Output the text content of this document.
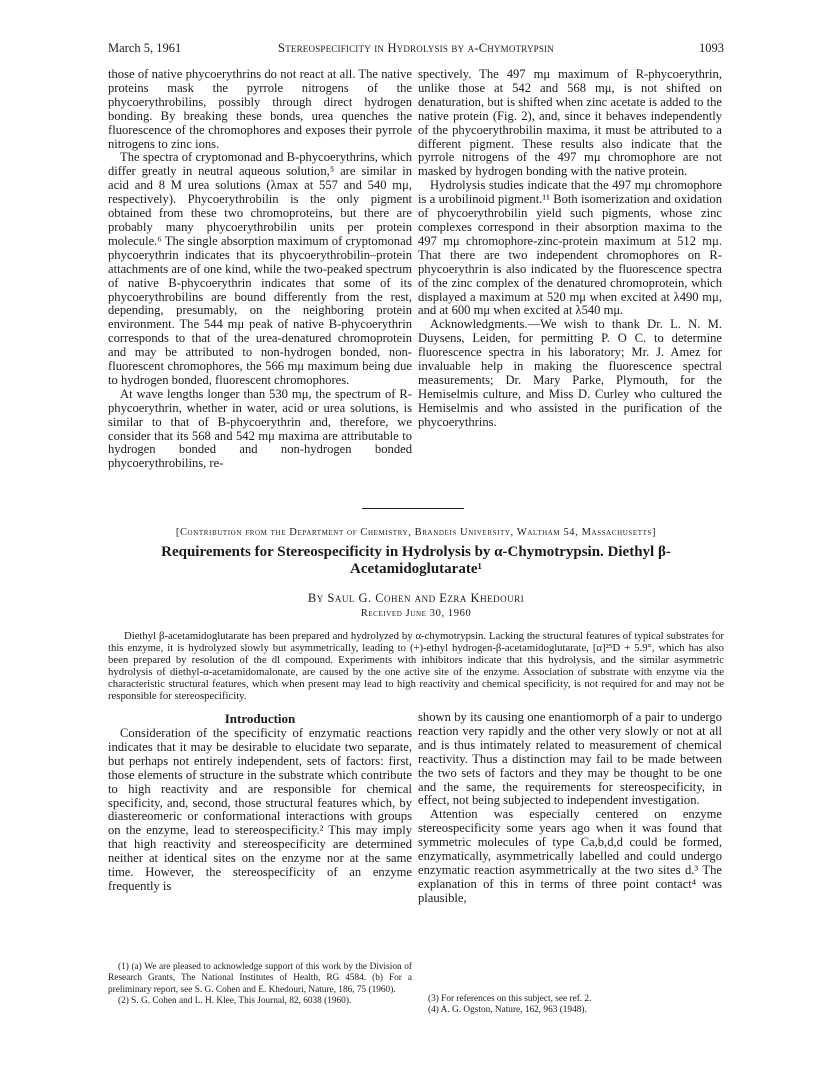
March 5, 1961	Stereospecificity in Hydrolysis by α-Chymotrypsin	1093

those of native phycoerythrins do not react at all. The native proteins mask the pyrrole nitrogens of the phycoerythrobilins, possibly through direct hydrogen bonding. By breaking these bonds, urea quenches the fluorescence of the chromophores and exposes their pyrrole nitrogens to zinc ions.

The spectra of cryptomonad and B-phycoerythrins, which differ greatly in neutral aqueous solution,⁵ are similar in acid and 8 M urea solutions (λmax at 557 and 540 mμ, respectively). Phycoerythrobilin is the only pigment obtained from these two chromoproteins, but there are probably many phycoerythrobilin units per protein molecule.⁶ The single absorption maximum of cryptomonad phycoerythrin indicates that its phycoerythrobilin–protein attachments are of one kind, while the two-peaked spectrum of native B-phycoerythrin indicates that some of its phycoerythrobilins are bound differently from the rest, depending, presumably, on the neighboring protein environment. The 544 mμ peak of native B-phycoerythrin corresponds to that of the urea-denatured chromoprotein and may be attributed to non-hydrogen bonded, non-fluorescent chromophores, the 566 mμ maximum being due to hydrogen bonded, fluorescent chromophores.

At wave lengths longer than 530 mμ, the spectrum of R-phycoerythrin, whether in water, acid or urea solutions, is similar to that of B-phycoerythrin and, therefore, we consider that its 568 and 542 mμ maxima are attributable to hydrogen bonded and non-hydrogen bonded phycoerythrobilins, re-

spectively. The 497 mμ maximum of R-phycoerythrin, unlike those at 542 and 568 mμ, is not shifted on denaturation, but is shifted when zinc acetate is added to the native protein (Fig. 2), and, since it behaves independently of the phycoerythrobilin maxima, it must be attributed to a different pigment. These results also indicate that the pyrrole nitrogens of the 497 mμ chromophore are not masked by hydrogen bonding with the native protein.

Hydrolysis studies indicate that the 497 mμ chromophore is a urobilinoid pigment.¹¹ Both isomerization and oxidation of phycoerythrobilin yield such pigments, whose zinc complexes correspond in their absorption maxima to the 497 mμ chromophore-zinc-protein maximum at 512 mμ. That there are two independent chromophores on R-phycoerythrin is also indicated by the fluorescence spectra of the zinc complex of the denatured chromoprotein, which displayed a maximum at 520 mμ when excited at λ490 mμ, and at 600 mμ when excited at λ540 mμ.

Acknowledgments.—We wish to thank Dr. L. N. M. Duysens, Leiden, for permitting P. O C. to determine fluorescence spectra in his laboratory; Mr. J. Amez for invaluable help in making the fluorescence spectral measurements; Dr. Mary Parke, Plymouth, for the Hemiselmis culture, and Miss D. Curley who cultured the Hemiselmis and who assisted in the purification of the phycoerythrins.

[Contribution from the Department of Chemistry, Brandeis University, Waltham 54, Massachusetts]
Requirements for Stereospecificity in Hydrolysis by α-Chymotrypsin. Diethyl β-Acetamidoglutarate¹
By Saul G. Cohen and Ezra Khedouri
Received June 30, 1960

Diethyl β-acetamidoglutarate has been prepared and hydrolyzed by α-chymotrypsin. Lacking the structural features of typical substrates for this enzyme, it is hydrolyzed slowly but asymmetrically, leading to (+)-ethyl hydrogen-β-acetamidoglutarate, [α]²⁵D + 5.9°, which has also been prepared by resolution of the dl compound. Experiments with inhibitors indicate that this hydrolysis, and the similar asymmetric hydrolysis of diethyl-α-acetamidomalonate, are caused by the one active site of the enzyme. Association of substrate with enzyme via the characteristic structural features, which when present may lead to high reactivity and chemical specificity, is not required for and may not be responsible for stereospecificity.

Introduction

Consideration of the specificity of enzymatic reactions indicates that it may be desirable to elucidate two separate, but perhaps not entirely independent, sets of factors: first, those elements of structure in the substrate which contribute to high reactivity and are responsible for chemical specificity, and, second, those structural features which, by diastereomeric or conformational interactions with groups on the enzyme, lead to stereospecificity.² This may imply that high reactivity and stereospecificity are determined neither at identical sites on the enzyme nor at the same time. However, the stereospecificity of an enzyme frequently is

shown by its causing one enantiomorph of a pair to undergo reaction very rapidly and the other very slowly or not at all and is thus intimately related to measurement of chemical reactivity. Thus a distinction may fail to be made between the two sets of factors and they may be thought to be one and the same, the requirements for stereospecificity, in effect, not being subjected to independent investigation.

Attention was especially centered on enzyme stereospecificity some years ago when it was found that symmetric molecules of type Ca,b,d,d could be formed, enzymatically, asymmetrically labelled and could undergo enzymatic reaction asymmetrically at the two sites d.³ The explanation of this in terms of three point contact⁴ was plausible,

(1) (a) We are pleased to acknowledge support of this work by the Division of Research Grants, The National Institutes of Health, RG 4584. (b) For a preliminary report, see S. G. Cohen and E. Khedouri, Nature, 186, 75 (1960).

(2) S. G. Cohen and L. H. Klee, This Journal, 82, 6038 (1960).	(3) For references on this subject, see ref. 2.

(4) A. G. Ogston, Nature, 162, 963 (1948).
